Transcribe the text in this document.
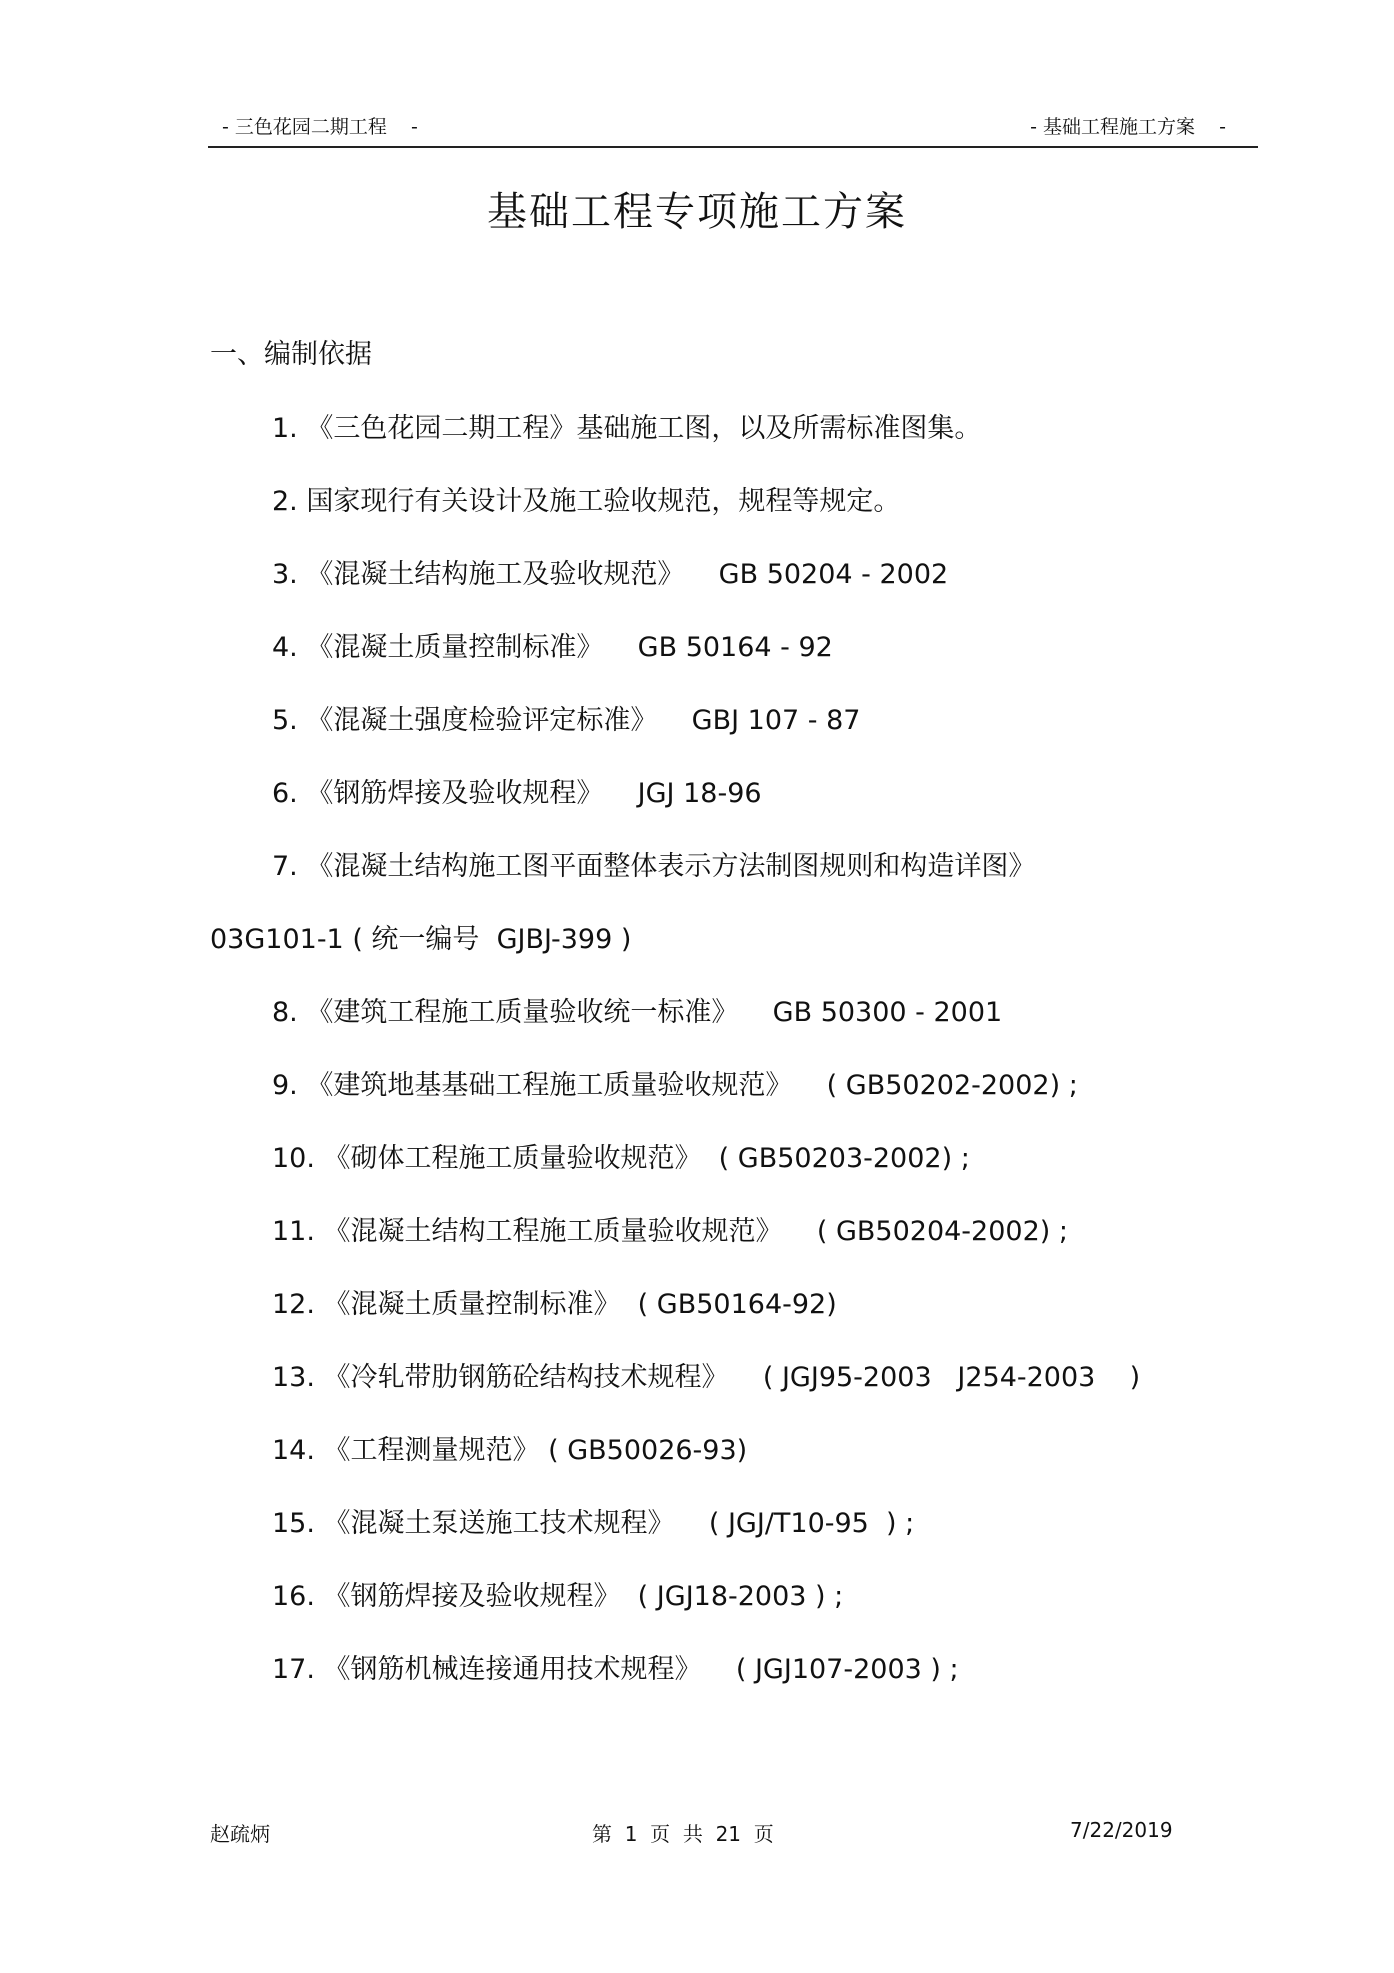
- 三色花园二期工程    -	- 基础工程施工方案    -
基础工程专项施工方案
一、编制依据
1. 《三色花园二期工程》基础施工图，以及所需标准图集。
2. 国家现行有关设计及施工验收规范，规程等规定。
3. 《混凝土结构施工及验收规范》    GB 50204 - 2002
4. 《混凝土质量控制标准》    GB 50164 - 92
5. 《混凝土强度检验评定标准》    GBJ 107 - 87
6. 《钢筋焊接及验收规程》    JGJ 18-96
7. 《混凝土结构施工图平面整体表示方法制图规则和构造详图》
03G101-1 ( 统一编号  GJBJ-399 )
8. 《建筑工程施工质量验收统一标准》    GB 50300 - 2001
9. 《建筑地基基础工程施工质量验收规范》    ( GB50202-2002) ;
10. 《砌体工程施工质量验收规范》  ( GB50203-2002) ;
11. 《混凝土结构工程施工质量验收规范》    ( GB50204-2002) ;
12. 《混凝土质量控制标准》  ( GB50164-92)
13. 《冷轧带肋钢筋砼结构技术规程》    ( JGJ95-2003   J254-2003    )
14. 《工程测量规范》 ( GB50026-93)
15. 《混凝土泵送施工技术规程》    ( JGJ/T10-95  ) ;
16. 《钢筋焊接及验收规程》  ( JGJ18-2003 ) ;
17. 《钢筋机械连接通用技术规程》    ( JGJ107-2003 ) ;
赵疏炳	第  1  页  共  21  页	7/22/2019
